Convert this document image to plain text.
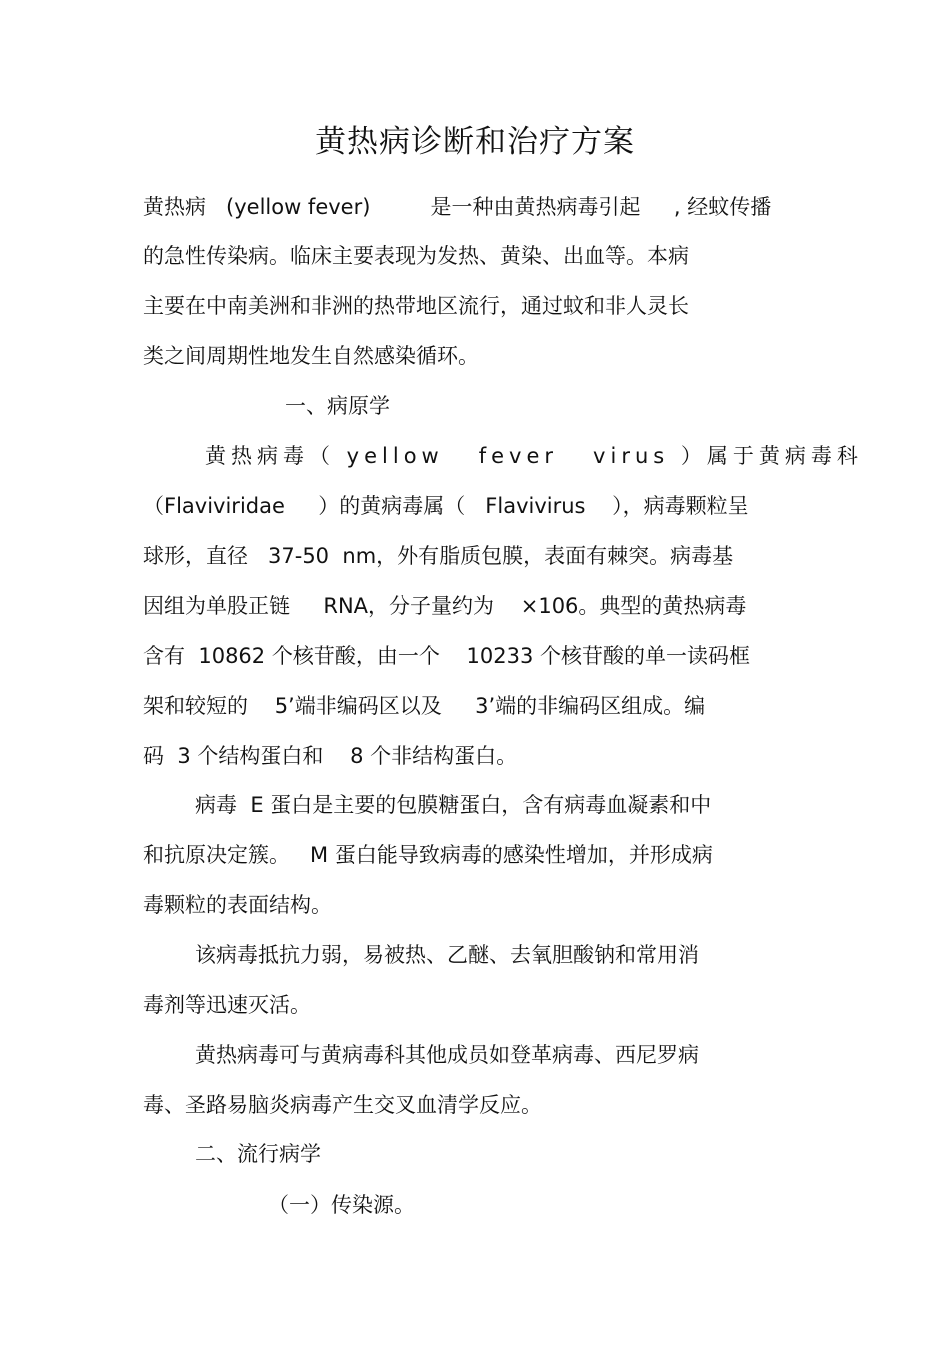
黄热病诊断和治疗方案
黄热病   (yellow fever)         是一种由黄热病毒引起     , 经蚊传播
的急性传染病。临床主要表现为发热、黄染、出血等。本病
主要在中南美洲和非洲的热带地区流行，通过蚊和非人灵长
类之间周期性地发生自然感染循环。
一、病原学
黄热病毒（ yellow   fever   virus ）属于黄病毒科
（Flaviviridae     ）的黄病毒属（   Flavivirus    ），病毒颗粒呈
球形，直径   37-50  nm，外有脂质包膜，表面有棘突。病毒基
因组为单股正链     RNA，分子量约为    ×106。典型的黄热病毒
含有  10862 个核苷酸，由一个    10233 个核苷酸的单一读码框
架和较短的    5’端非编码区以及     3’端的非编码区组成。编
码  3 个结构蛋白和    8 个非结构蛋白。
病毒  E 蛋白是主要的包膜糖蛋白，含有病毒血凝素和中
和抗原决定簇。   M 蛋白能导致病毒的感染性增加，并形成病
毒颗粒的表面结构。
该病毒抵抗力弱，易被热、乙醚、去氧胆酸钠和常用消
毒剂等迅速灭活。
黄热病毒可与黄病毒科其他成员如登革病毒、西尼罗病
毒、圣路易脑炎病毒产生交叉血清学反应。
二、流行病学
（一）传染源。
